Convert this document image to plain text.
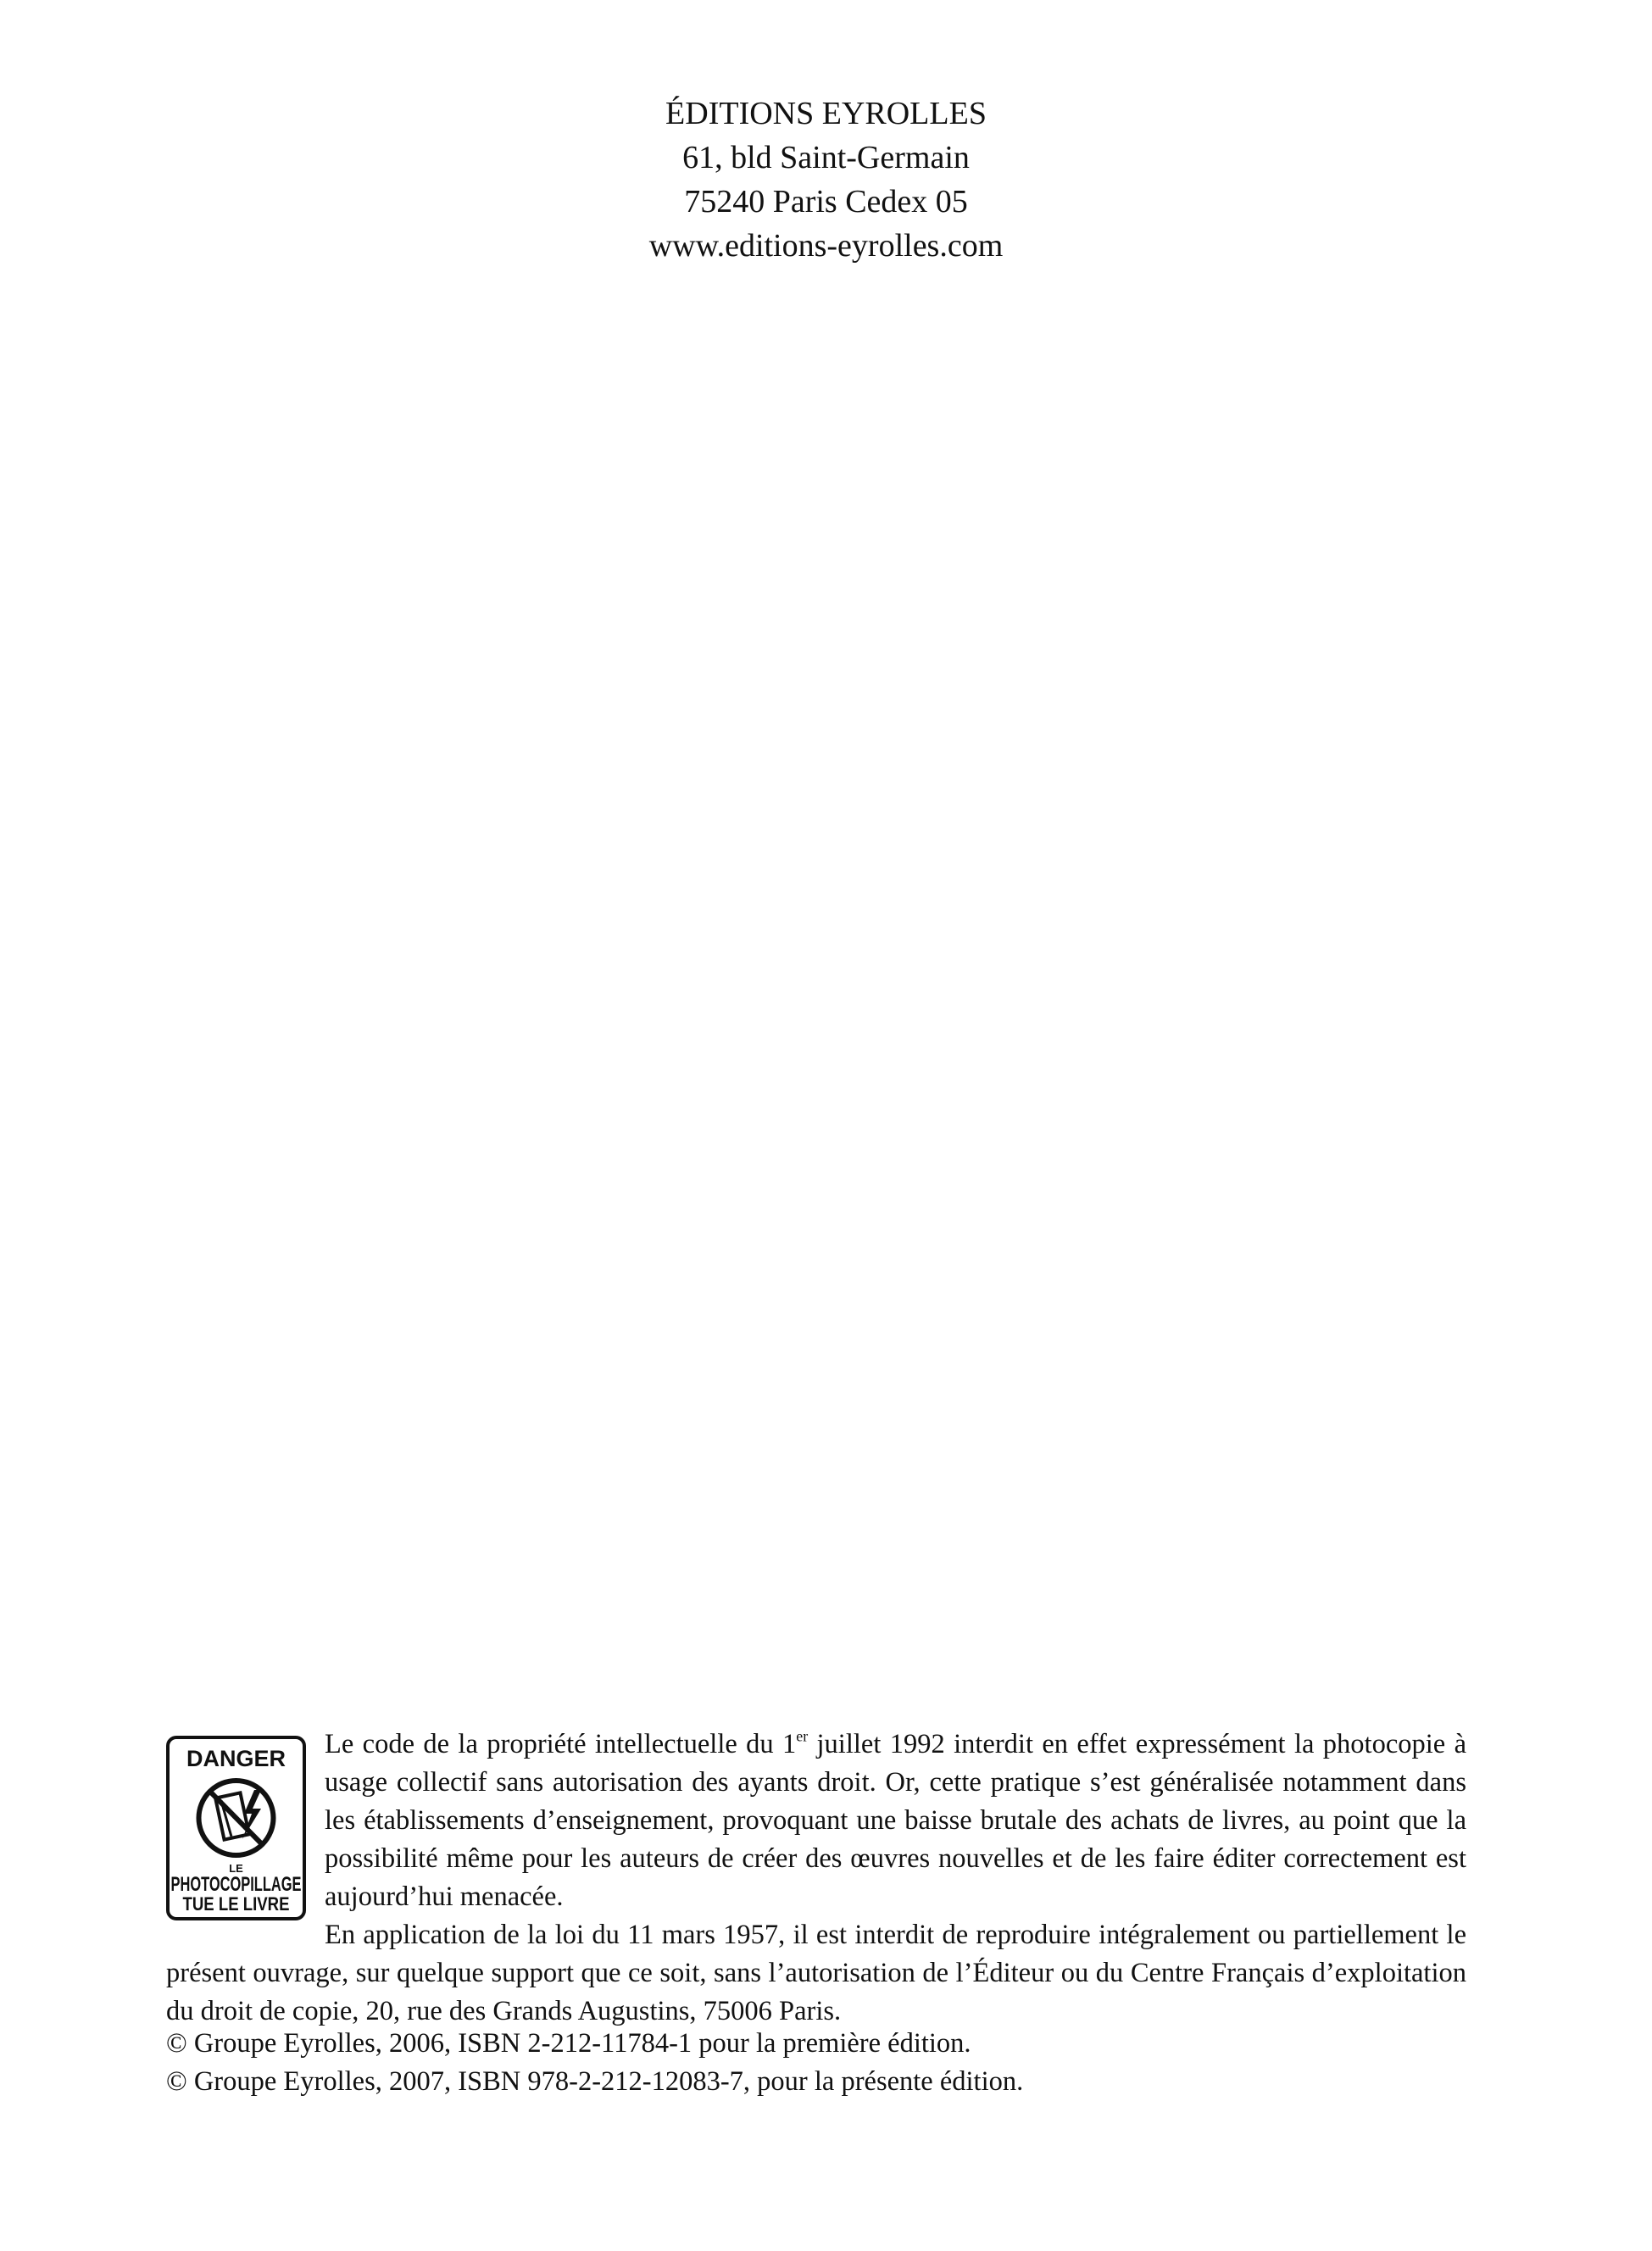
ÉDITIONS EYROLLES
61, bld Saint-Germain
75240 Paris Cedex 05
www.editions-eyrolles.com
DANGER
LE
PHOTOCOPILLAGE
TUE LE LIVRE

Le code de la propriété intellectuelle du 1er juillet 1992 interdit en effet expressément la photocopie à usage collectif sans autorisation des ayants droit. Or, cette pratique s’est généralisée notamment dans les établissements d’enseignement, provoquant une baisse brutale des achats de livres, au point que la possibilité même pour les auteurs de créer des œuvres nouvelles et de les faire éditer correctement est aujourd’hui menacée.

En application de la loi du 11 mars 1957, il est interdit de reproduire intégralement ou partiellement le présent ouvrage, sur quelque support que ce soit, sans l’autorisation de l’Éditeur ou du Centre Français d’exploitation du droit de copie, 20, rue des Grands Augustins, 75006 Paris.

© Groupe Eyrolles, 2006, ISBN 2-212-11784-1 pour la première édition.
© Groupe Eyrolles, 2007, ISBN 978-2-212-12083-7, pour la présente édition.
